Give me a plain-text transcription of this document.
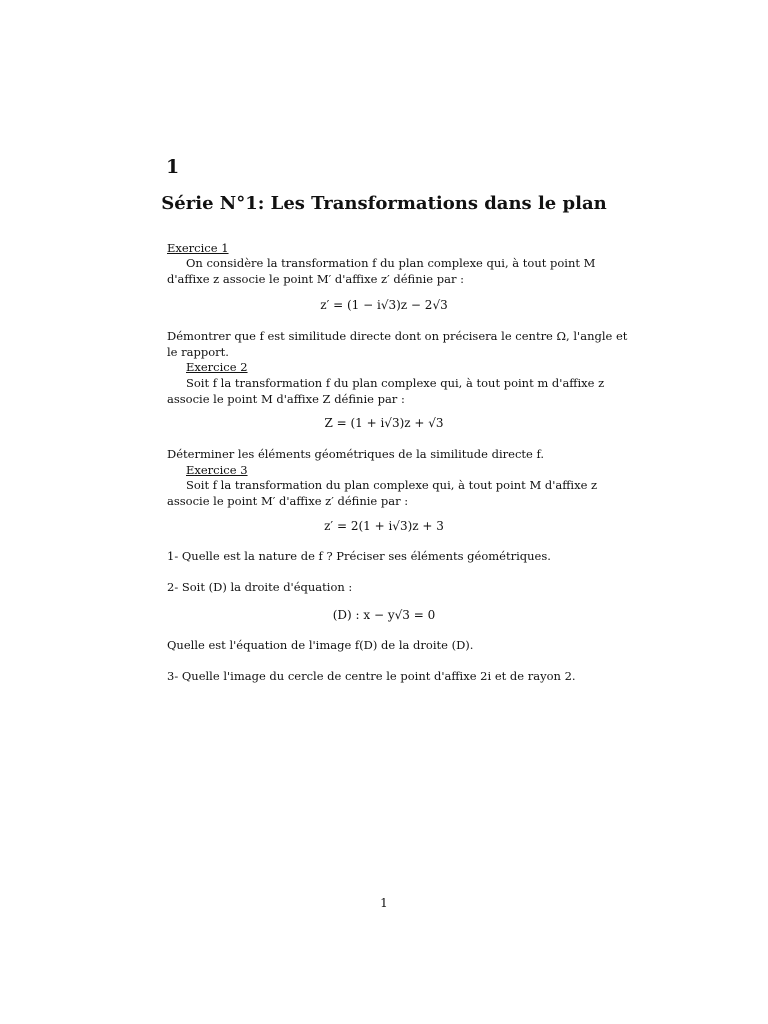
1
Série N°1: Les Transformations dans le plan
Exercice 1
On considère la transformation f du plan complexe qui, à tout point M
d'affixe z associe le point M′ d'affixe z′ définie par :
z′ = (1 − i√3)z − 2√3
Démontrer que f est similitude directe dont on précisera le centre Ω, l'angle et
le rapport.
Exercice 2
Soit f la transformation f du plan complexe qui, à tout point m d'affixe z
associe le point M d'affixe Z définie par :
Z = (1 + i√3)z + √3
Déterminer les éléments géométriques de la similitude directe f.
Exercice 3
Soit f la transformation du plan complexe qui, à tout point M d'affixe z
associe le point M′ d'affixe z′ définie par :
z′ = 2(1 + i√3)z + 3
1- Quelle est la nature de f ? Préciser ses éléments géométriques.
2- Soit (D) la droite d'équation :
(D) : x − y√3 = 0
Quelle est l'équation de l'image f(D) de la droite (D).
3- Quelle l'image du cercle de centre le point d'affixe 2i et de rayon 2.
1
